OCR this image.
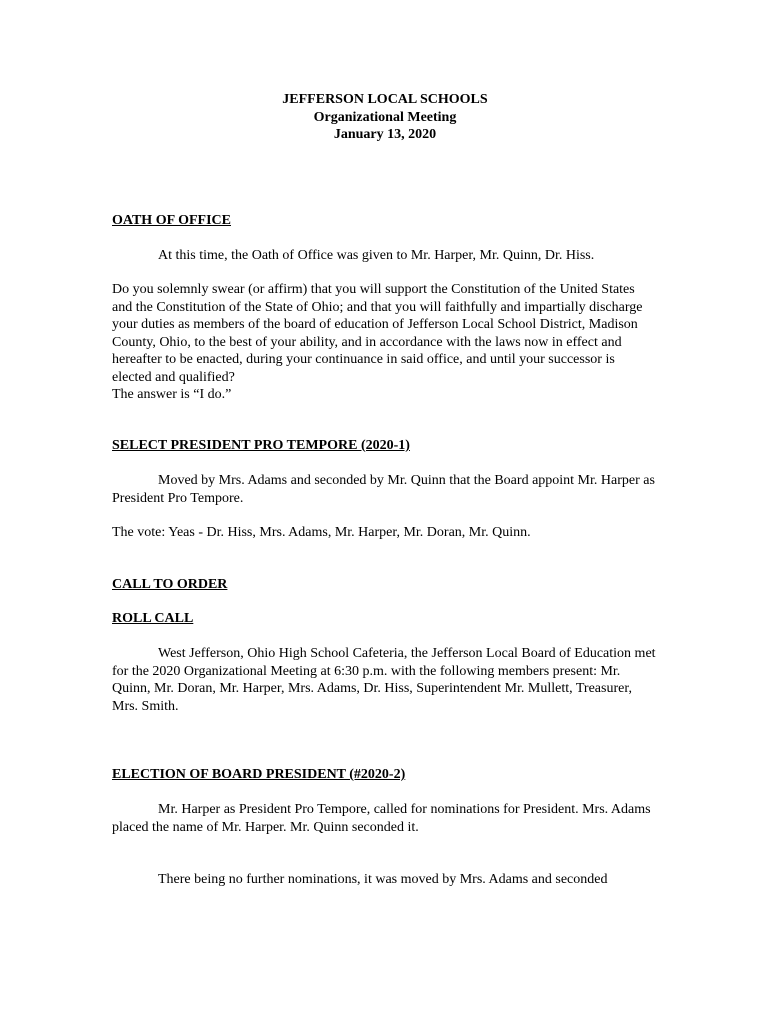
JEFFERSON LOCAL SCHOOLS
Organizational Meeting
January 13, 2020
OATH OF OFFICE

At this time, the Oath of Office was given to Mr. Harper, Mr. Quinn, Dr. Hiss.

Do you solemnly swear (or affirm) that you will support the Constitution of the United States and the Constitution of the State of Ohio; and that you will faithfully and impartially discharge your duties as members of the board of education of Jefferson Local School District, Madison County, Ohio, to the best of your ability, and in accordance with the laws now in effect and hereafter to be enacted, during your continuance in said office, and until your successor is elected and qualified?

The answer is “I do.”

SELECT PRESIDENT PRO TEMPORE (2020-1)

Moved by Mrs. Adams and seconded by Mr. Quinn that the Board appoint Mr. Harper as President Pro Tempore.

The vote: Yeas - Dr. Hiss, Mrs. Adams, Mr. Harper, Mr. Doran, Mr. Quinn.

CALL TO ORDER
ROLL CALL

West Jefferson, Ohio High School Cafeteria, the Jefferson Local Board of Education met for the 2020 Organizational Meeting at 6:30 p.m. with the following members present: Mr. Quinn, Mr. Doran, Mr. Harper, Mrs. Adams, Dr. Hiss, Superintendent Mr. Mullett, Treasurer, Mrs. Smith.

ELECTION OF BOARD PRESIDENT (#2020-2)

Mr. Harper as President Pro Tempore, called for nominations for President. Mrs. Adams placed the name of Mr. Harper. Mr. Quinn seconded it.

There being no further nominations, it was moved by Mrs. Adams and seconded
